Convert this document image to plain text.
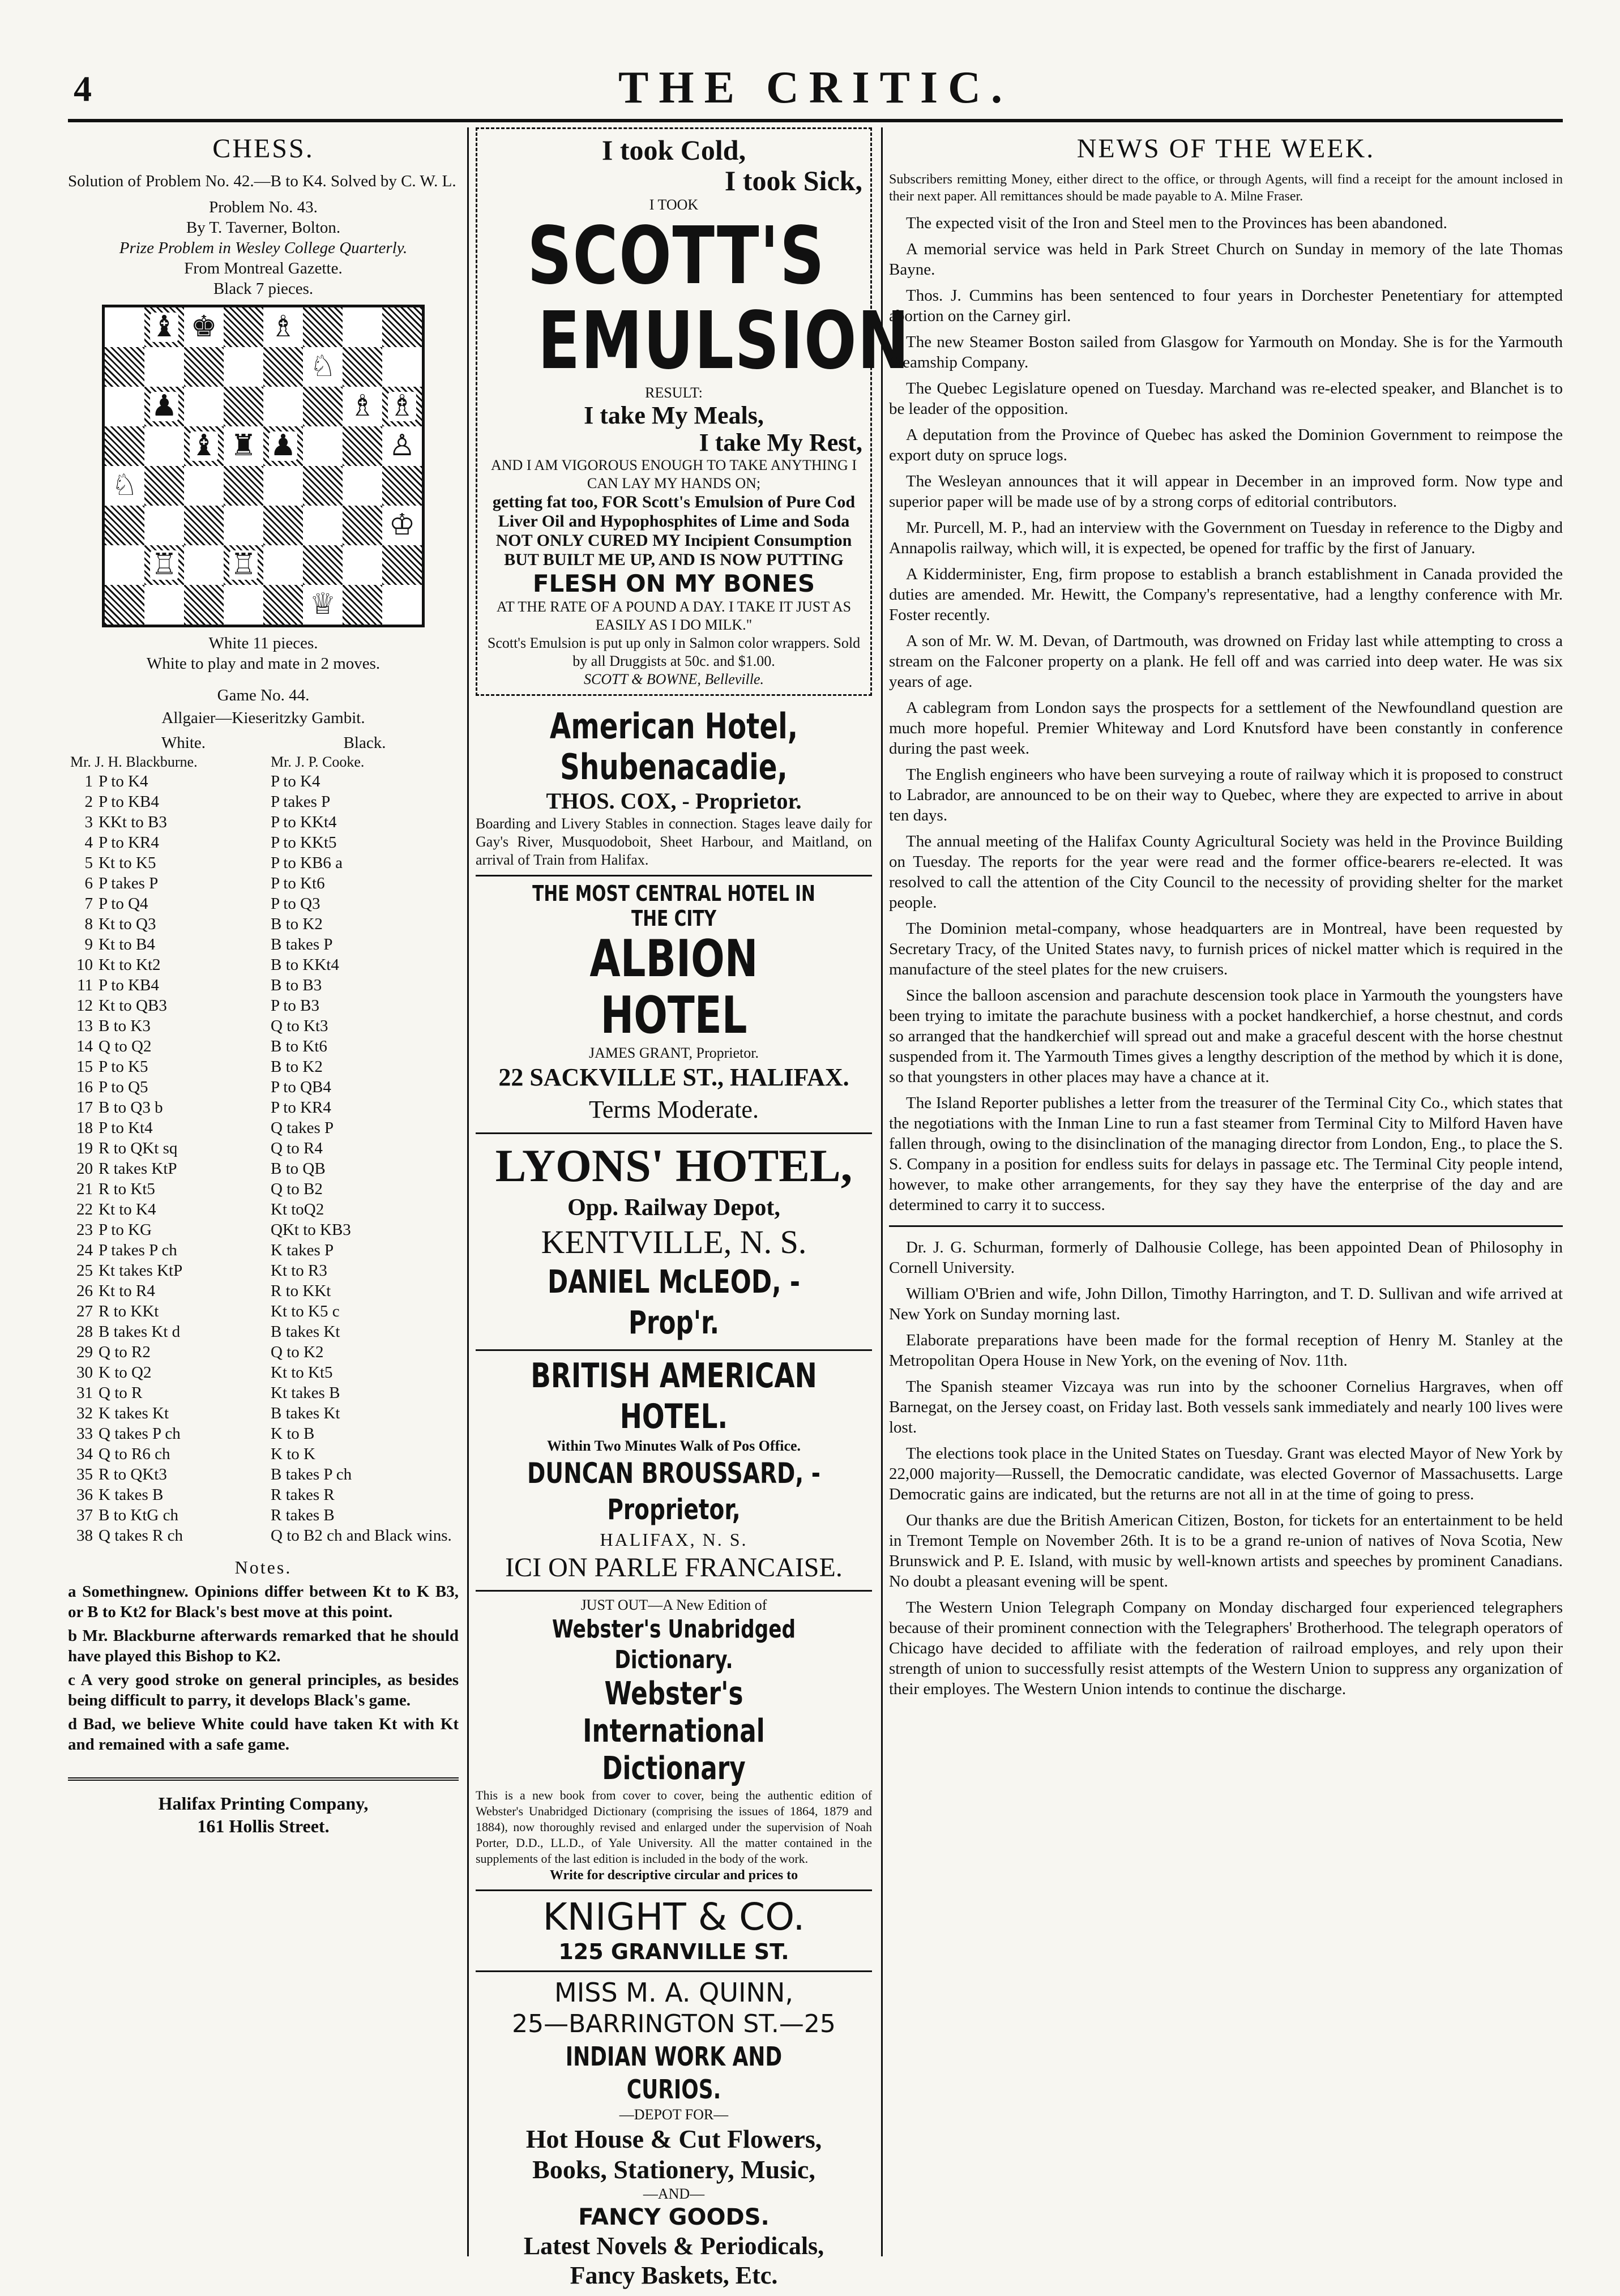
4	THE CRITIC.
CHESS.

Solution of Problem No. 42.—B to K4. Solved by C. W. L.

Problem No. 43.

By T. Taverner, Bolton.

Prize Problem in Wesley College Quarterly.

From Montreal Gazette.

Black 7 pieces.

♝ ♚ ♗
♘
♟	♗ ♗
♝ ♜ ♟	♙
♘
♔
♖ ♖
♕

White 11 pieces.

White to play and mate in 2 moves.

Game No. 44.

Allgaier—Kieseritzky Gambit.

	White.	Black.
Mr. J. H. Blackburne.		Mr. J. P. Cooke.
1	P to K4	P to K4
2	P to KB4	P takes P
3	KKt to B3	P to KKt4
4	P to KR4	P to KKt5
5	Kt to K5	P to KB6 a
6	P takes P	P to Kt6
7	P to Q4	P to Q3
8	Kt to Q3	B to K2
9	Kt to B4	B takes P
10	Kt to Kt2	B to KKt4
11	P to KB4	B to B3
12	Kt to QB3	P to B3
13	B to K3	Q to Kt3
14	Q to Q2	B to Kt6
15	P to K5	B to K2
16	P to Q5	P to QB4
17	B to Q3 b	P to KR4
18	P to Kt4	Q takes P
19	R to QKt sq	Q to R4
20	R takes KtP	B to QB
21	R to Kt5	Q to B2
22	Kt to K4	Kt toQ2
23	P to KG	QKt to KB3
24	P takes P ch	K takes P
25	Kt takes KtP	Kt to R3
26	Kt to R4	R to KKt
27	R to KKt	Kt to K5 c
28	B takes Kt d	B takes Kt
29	Q to R2	Q to K2
30	K to Q2	Kt to Kt5
31	Q to R	Kt takes B
32	K takes Kt	B takes Kt
33	Q takes P ch	K to B
34	Q to R6 ch	K to K
35	R to QKt3	B takes P ch
36	K takes B	R takes R
37	B to KtG ch	R takes B
38	Q takes R ch	Q to B2 ch and Black wins.
Notes.

a Somethingnew. Opinions differ between Kt to K B3, or B to Kt2 for Black's best move at this point.

b Mr. Blackburne afterwards remarked that he should have played this Bishop to K2.

c A very good stroke on general principles, as besides being difficult to parry, it develops Black's game.

d Bad, we believe White could have taken Kt with Kt and remained with a safe game.

Halifax Printing Company,
161 Hollis Street.
I took Cold,
I took Sick,
I TOOK
SCOTT'S
EMULSION
RESULT:
I take My Meals,
I take My Rest,
AND I AM VIGOROUS ENOUGH TO TAKE ANYTHING I CAN LAY MY HANDS ON;
getting fat too, FOR Scott's Emulsion of Pure Cod Liver Oil and Hypophosphites of Lime and Soda NOT ONLY CURED MY Incipient Consumption BUT BUILT ME UP, AND IS NOW PUTTING
FLESH ON MY BONES
AT THE RATE OF A POUND A DAY. I TAKE IT JUST AS EASILY AS I DO MILK."
Scott's Emulsion is put up only in Salmon color wrappers. Sold by all Druggists at 50c. and $1.00.
SCOTT & BOWNE, Belleville.
American Hotel, Shubenacadie,
THOS. COX, - Proprietor.
Boarding and Livery Stables in connection. Stages leave daily for Gay's River, Musquodoboit, Sheet Harbour, and Maitland, on arrival of Train from Halifax.
THE MOST CENTRAL HOTEL IN THE CITY
ALBION HOTEL
JAMES GRANT, Proprietor.
22 SACKVILLE ST., HALIFAX.
Terms Moderate.
LYONS' HOTEL,
Opp. Railway Depot,
KENTVILLE, N. S.
DANIEL McLEOD, - Prop'r.
BRITISH AMERICAN HOTEL.
Within Two Minutes Walk of Pos Office.
DUNCAN BROUSSARD, - Proprietor,
HALIFAX, N. S.
ICI ON PARLE FRANCAISE.
JUST OUT—A New Edition of
Webster's Unabridged Dictionary.
Webster's International Dictionary
This is a new book from cover to cover, being the authentic edition of Webster's Unabridged Dictionary (comprising the issues of 1864, 1879 and 1884), now thoroughly revised and enlarged under the supervision of Noah Porter, D.D., LL.D., of Yale University. All the matter contained in the supplements of the last edition is included in the body of the work.
Write for descriptive circular and prices to
KNIGHT & CO.
125 GRANVILLE ST.
MISS M. A. QUINN,
25—BARRINGTON ST.—25
INDIAN WORK AND CURIOS.
—DEPOT FOR—
Hot House & Cut Flowers,
Books, Stationery, Music,
—AND—
FANCY GOODS.
Latest Novels & Periodicals,
Fancy Baskets, Etc.
NEWS OF THE WEEK.
Subscribers remitting Money, either direct to the office, or through Agents, will find a receipt for the amount inclosed in their next paper. All remittances should be made payable to A. Milne Fraser.

The expected visit of the Iron and Steel men to the Provinces has been abandoned.

A memorial service was held in Park Street Church on Sunday in memory of the late Thomas Bayne.

Thos. J. Cummins has been sentenced to four years in Dorchester Penetentiary for attempted abortion on the Carney girl.

The new Steamer Boston sailed from Glasgow for Yarmouth on Monday. She is for the Yarmouth Steamship Company.

The Quebec Legislature opened on Tuesday. Marchand was re-elected speaker, and Blanchet is to be leader of the opposition.

A deputation from the Province of Quebec has asked the Dominion Government to reimpose the export duty on spruce logs.

The Wesleyan announces that it will appear in December in an improved form. Now type and superior paper will be made use of by a strong corps of editorial contributors.

Mr. Purcell, M. P., had an interview with the Government on Tuesday in reference to the Digby and Annapolis railway, which will, it is expected, be opened for traffic by the first of January.

A Kidderminister, Eng, firm propose to establish a branch establishment in Canada provided the duties are amended. Mr. Hewitt, the Company's representative, had a lengthy conference with Mr. Foster recently.

A son of Mr. W. M. Devan, of Dartmouth, was drowned on Friday last while attempting to cross a stream on the Falconer property on a plank. He fell off and was carried into deep water. He was six years of age.

A cablegram from London says the prospects for a settlement of the Newfoundland question are much more hopeful. Premier Whiteway and Lord Knutsford have been constantly in conference during the past week.

The English engineers who have been surveying a route of railway which it is proposed to construct to Labrador, are announced to be on their way to Quebec, where they are expected to arrive in about ten days.

The annual meeting of the Halifax County Agricultural Society was held in the Province Building on Tuesday. The reports for the year were read and the former office-bearers re-elected. It was resolved to call the attention of the City Council to the necessity of providing shelter for the market people.

The Dominion metal-company, whose headquarters are in Montreal, have been requested by Secretary Tracy, of the United States navy, to furnish prices of nickel matter which is required in the manufacture of the steel plates for the new cruisers.

Since the balloon ascension and parachute descension took place in Yarmouth the youngsters have been trying to imitate the parachute business with a pocket handkerchief, a horse chestnut, and cords so arranged that the handkerchief will spread out and make a graceful descent with the horse chestnut suspended from it. The Yarmouth Times gives a lengthy description of the method by which it is done, so that youngsters in other places may have a chance at it.

The Island Reporter publishes a letter from the treasurer of the Terminal City Co., which states that the negotiations with the Inman Line to run a fast steamer from Terminal City to Milford Haven have fallen through, owing to the disinclination of the managing director from London, Eng., to place the S. S. Company in a position for endless suits for delays in passage etc. The Terminal City people intend, however, to make other arrangements, for they say they have the enterprise of the day and are determined to carry it to success.

Dr. J. G. Schurman, formerly of Dalhousie College, has been appointed Dean of Philosophy in Cornell University.

William O'Brien and wife, John Dillon, Timothy Harrington, and T. D. Sullivan and wife arrived at New York on Sunday morning last.

Elaborate preparations have been made for the formal reception of Henry M. Stanley at the Metropolitan Opera House in New York, on the evening of Nov. 11th.

The Spanish steamer Vizcaya was run into by the schooner Cornelius Hargraves, when off Barnegat, on the Jersey coast, on Friday last. Both vessels sank immediately and nearly 100 lives were lost.

The elections took place in the United States on Tuesday. Grant was elected Mayor of New York by 22,000 majority—Russell, the Democratic candidate, was elected Governor of Massachusetts. Large Democratic gains are indicated, but the returns are not all in at the time of going to press.

Our thanks are due the British American Citizen, Boston, for tickets for an entertainment to be held in Tremont Temple on November 26th. It is to be a grand re-union of natives of Nova Scotia, New Brunswick and P. E. Island, with music by well-known artists and speeches by prominent Canadians. No doubt a pleasant evening will be spent.

The Western Union Telegraph Company on Monday discharged four experienced telegraphers because of their prominent connection with the Telegraphers' Brotherhood. The telegraph operators of Chicago have decided to affiliate with the federation of railroad employes, and rely upon their strength of union to successfully resist attempts of the Western Union to suppress any organization of their employes. The Western Union intends to continue the discharge.
